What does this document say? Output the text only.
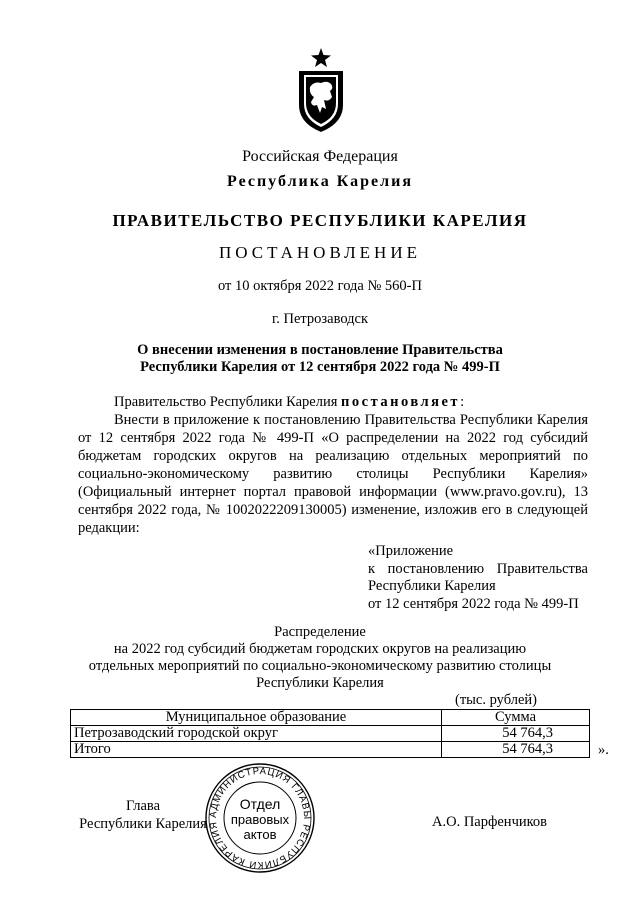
Российская Федерация
Республика Карелия
ПРАВИТЕЛЬСТВО РЕСПУБЛИКИ КАРЕЛИЯ
ПОСТАНОВЛЕНИЕ
от 10 октября 2022 года № 560-П
г. Петрозаводск
О внесении изменения в постановление Правительства
Республики Карелия от 12 сентября 2022 года № 499-П

Правительство Республики Карелия постановляет:

Внести в приложение к постановлению Правительства Республики Карелия от 12 сентября 2022 года № 499-П «О распределении на 2022 год субсидий бюджетам городских округов на реализацию отдельных мероприятий по социально-экономическому развитию столицы Республики Карелия» (Официальный интернет портал правовой информации (www.pravo.gov.ru), 13 сентября 2022 года, № 1002022209130005) изменение, изложив его в следующей редакции:

«Приложение
к постановлению Правительства
Республики Карелия
от 12 сентября 2022 года № 499-П
Распределение
на 2022 год субсидий бюджетам городских округов на реализацию
отдельных мероприятий по социально-экономическому развитию столицы
Республики Карелия
(тыс. рублей)
Муниципальное образование	Сумма
Петрозаводский городской округ	54 764,3
Итого	54 764,3	».
Глава
Республики Карелия
АДМИНИСТРАЦИЯ ГЛАВЫ РЕСПУБЛИКИ КАРЕЛИЯ
Отдел
правовых
актов
А.О. Парфенчиков
